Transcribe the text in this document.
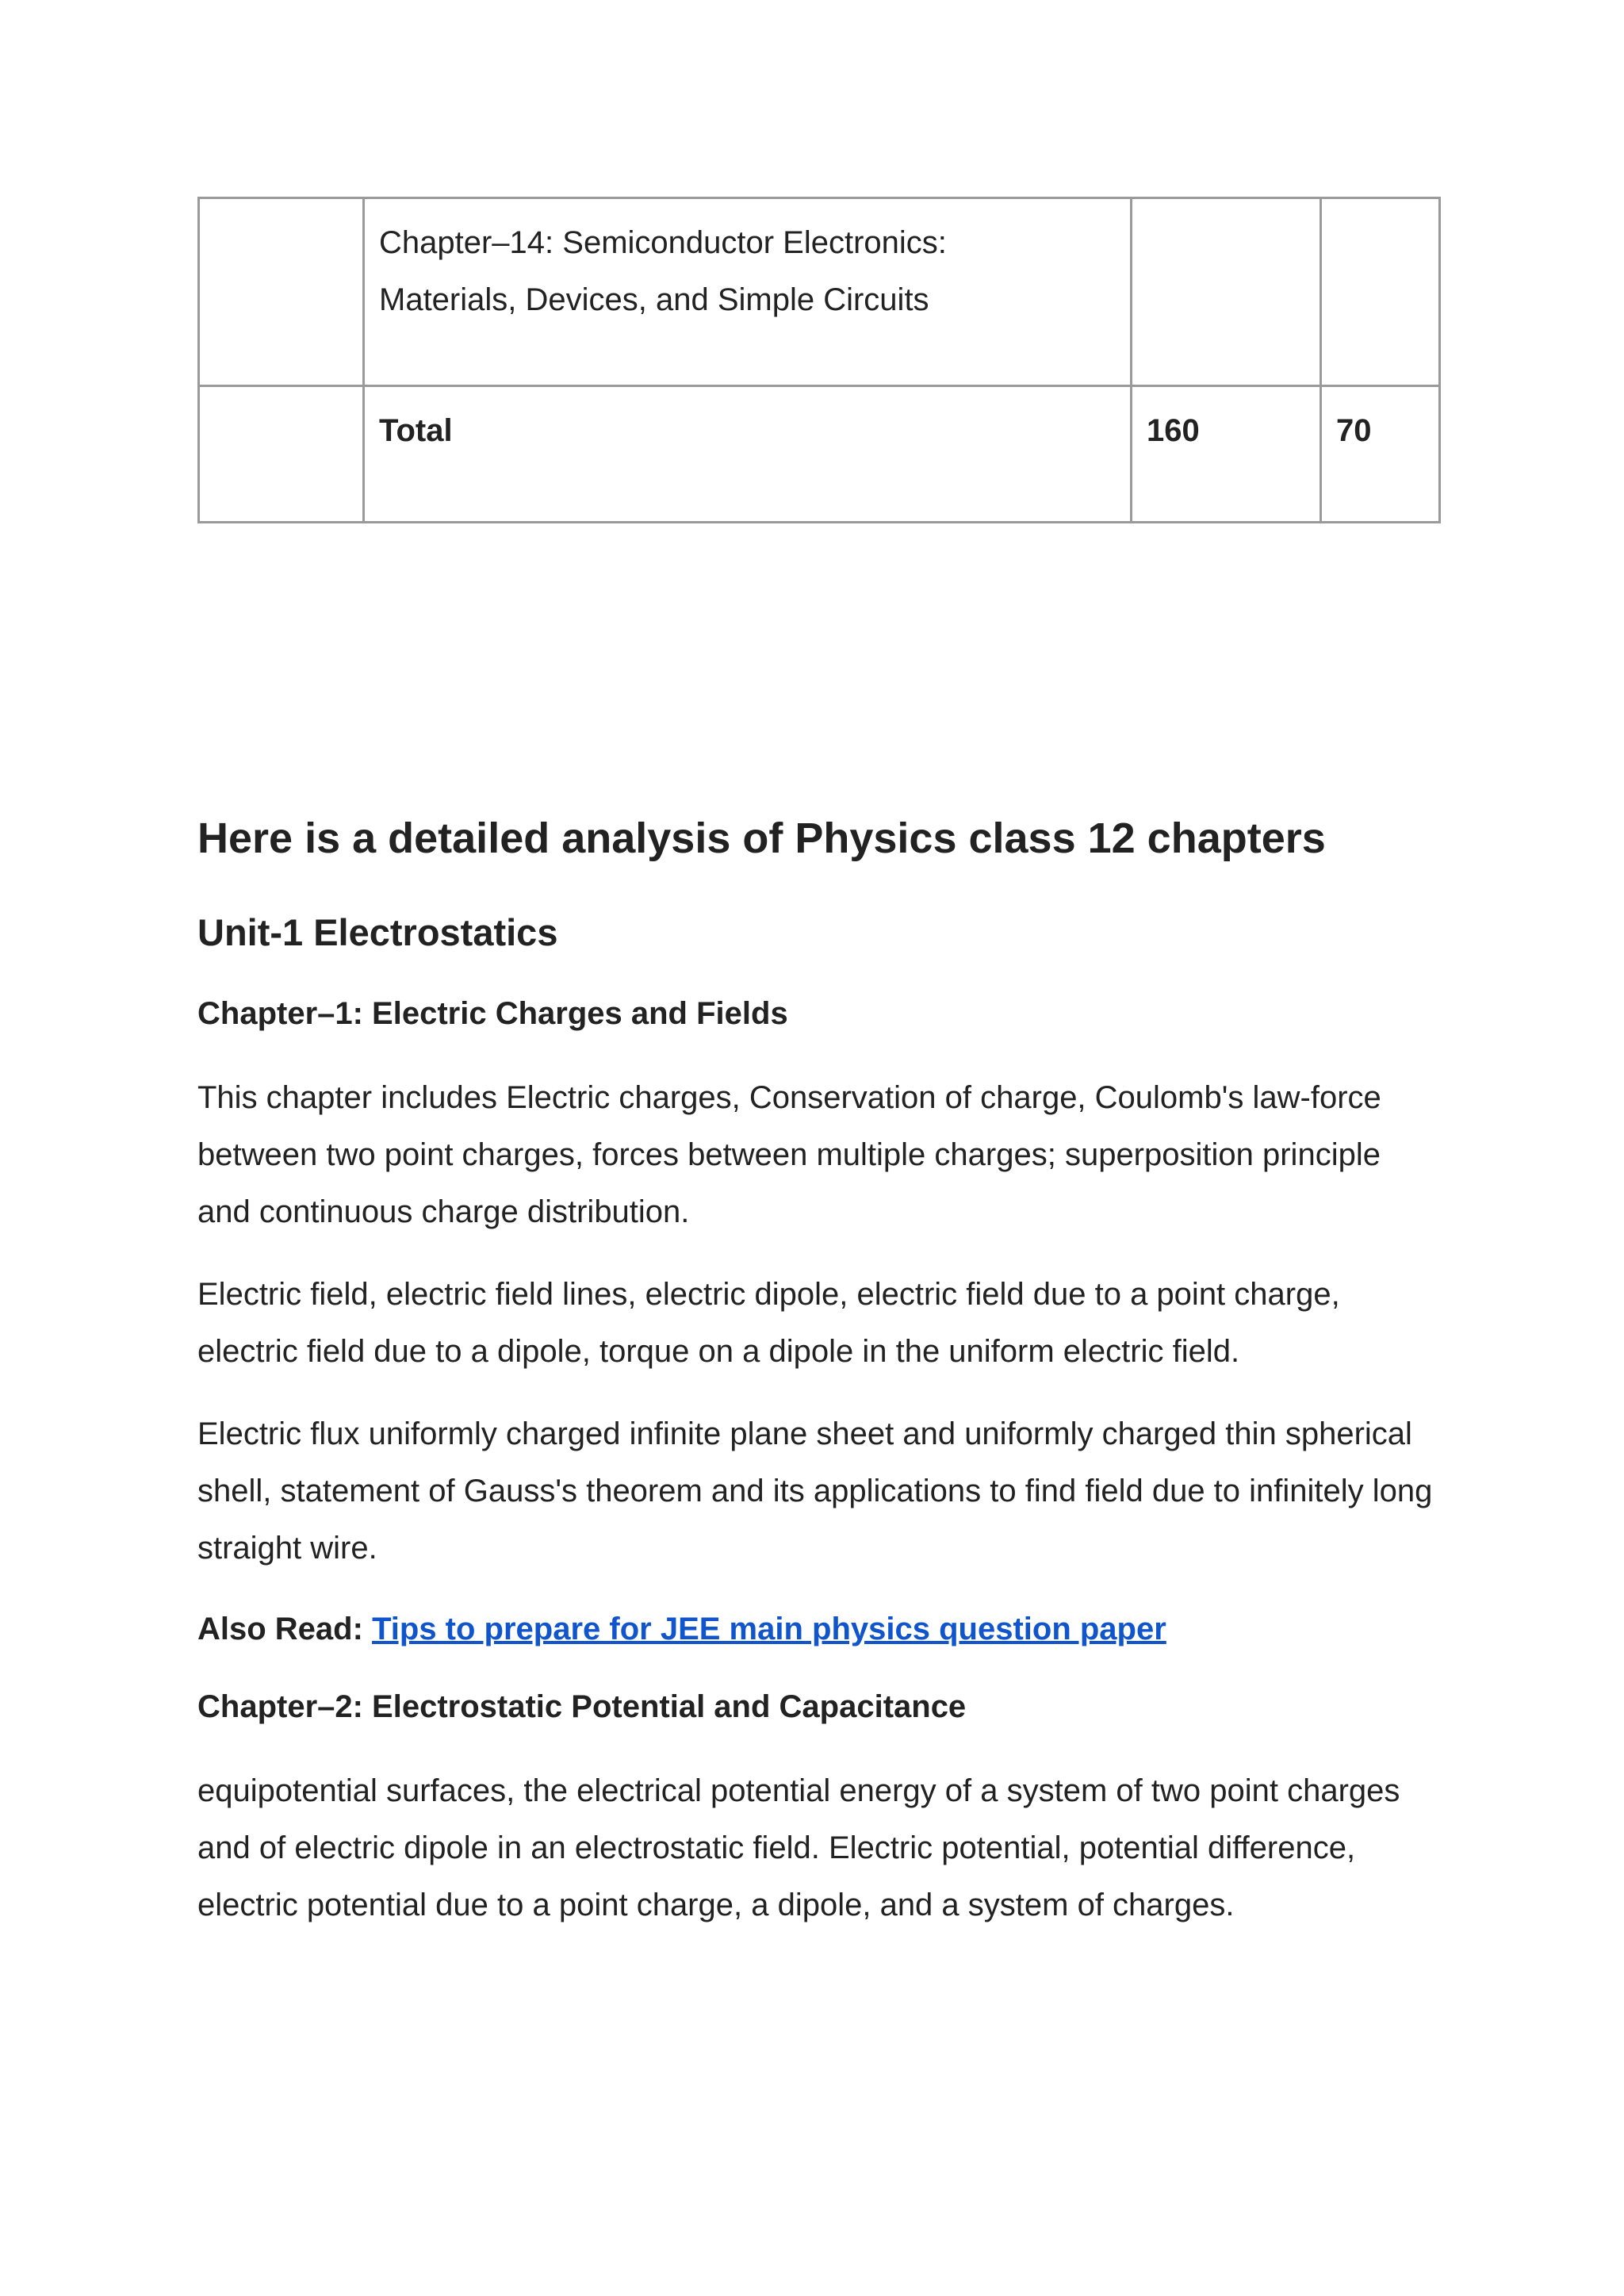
	Chapter–14: Semiconductor Electronics:
Materials, Devices, and Simple Circuits		

	Total	160	70
Here is a detailed analysis of Physics class 12 chapters
Unit-1 Electrostatics
Chapter–1: Electric Charges and Fields

This chapter includes Electric charges, Conservation of charge, Coulomb's law-force between two point charges, forces between multiple charges; superposition principle and continuous charge distribution.

Electric field, electric field lines, electric dipole, electric field due to a point charge, electric field due to a dipole, torque on a dipole in the uniform electric field.

Electric flux uniformly charged infinite plane sheet and uniformly charged thin spherical shell, statement of Gauss's theorem and its applications to find field due to infinitely long straight wire.

Also Read: Tips to prepare for JEE main physics question paper

Chapter–2: Electrostatic Potential and Capacitance

equipotential surfaces, the electrical potential energy of a system of two point charges and of electric dipole in an electrostatic field. Electric potential, potential difference, electric potential due to a point charge, a dipole, and a system of charges.
